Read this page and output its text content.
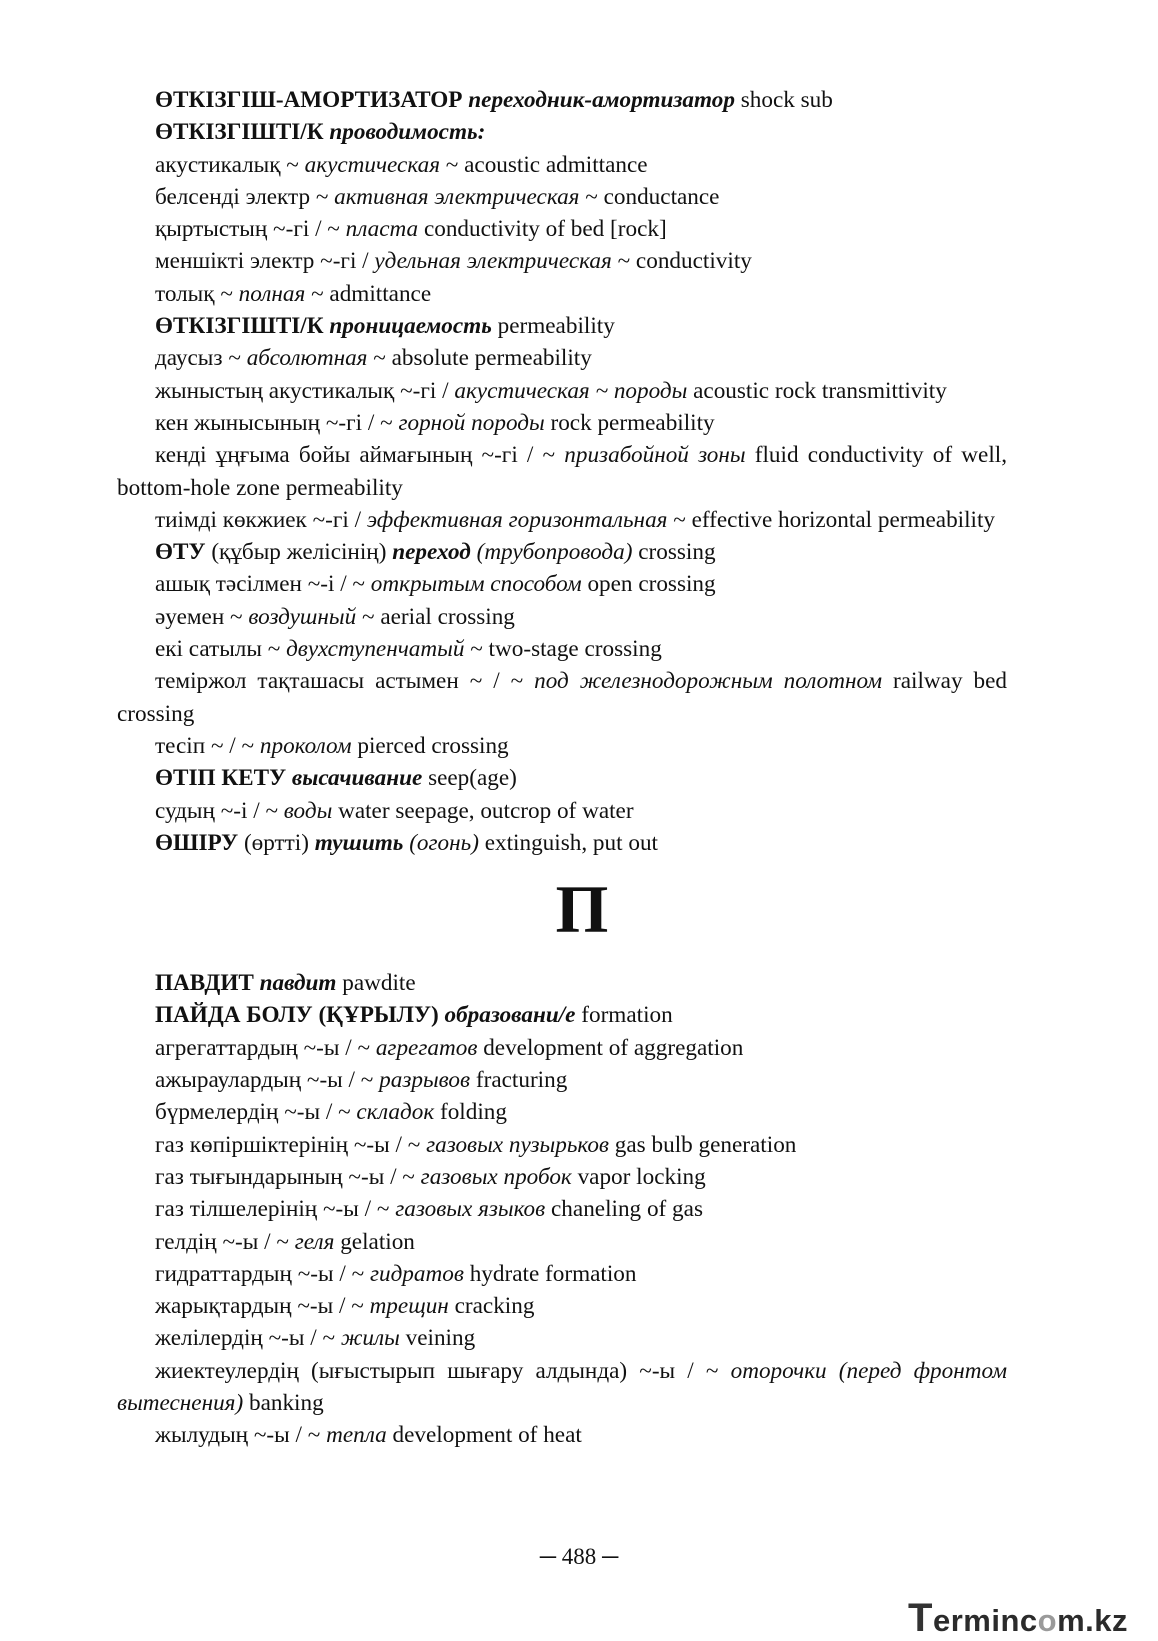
ӨТКІЗГІШ-АМОРТИЗАТОР переходник-амортизатор shock sub

ӨТКІЗГІШТІ/К проводимость:

акустикалық ~ акустическая ~ acoustic admittance

белсенді электр ~ активная электрическая ~ conductance

қыртыстың ~-гі / ~ пласта conductivity of bed [rock]

меншікті электр ~-гі / удельная электрическая ~ conductivity

толық ~ полная ~ admittance

ӨТКІЗГІШТІ/К проницаемость permeability

даусыз ~ абсолютная ~ absolute permeability

жыныстың акустикалық ~-гі / акустическая ~ породы acoustic rock transmittivity

кен жынысының ~-гі / ~ горной породы rock permeability

кенді ұңғыма бойы аймағының ~-гі / ~ призабойной зоны fluid conductivity of well, bottom-hole zone permeability

тиімді көкжиек ~-гі / эффективная горизонтальная ~ effective horizontal permeability

ӨТУ (құбыр желісінің) переход (трубопровода) crossing

ашық тәсілмен ~-і / ~ открытым способом open crossing

әуемен ~ воздушный ~ aerial crossing

екі сатылы ~ двухступенчатый ~ two-stage crossing

теміржол тақташасы астымен ~ / ~ под железнодорожным полотном railway bed crossing

тесіп ~ / ~ проколом pierced crossing

ӨТІП КЕТУ высачивание seep(age)

судың ~-і / ~ воды water seepage, outcrop of water

ӨШІРУ (өртті) тушить (огонь) extinguish, put out

П

ПАВДИТ павдит pawdite

ПАЙДА БОЛУ (ҚҰРЫЛУ) образовани/е formation

агрегаттардың ~-ы / ~ агрегатов development of aggregation

ажыраулардың ~-ы / ~ разрывов fracturing

бүрмелердің ~-ы / ~ складок folding

газ көпіршіктерінің ~-ы / ~ газовых пузырьков gas bulb generation

газ тығындарының ~-ы / ~ газовых пробок vapor locking

газ тілшелерінің ~-ы / ~ газовых языков chaneling of gas

гелдің ~-ы / ~ геля gelation

гидраттардың ~-ы / ~ гидратов hydrate formation

жарықтардың ~-ы / ~ трещин cracking

желілердің ~-ы / ~ жилы veining

жиектеулердің (ығыстырып шығару алдында) ~-ы / ~ оторочки (перед фронтом вытеснения) banking

жылудың ~-ы / ~ тепла development of heat

─ 488 ─
Termincom.kz
